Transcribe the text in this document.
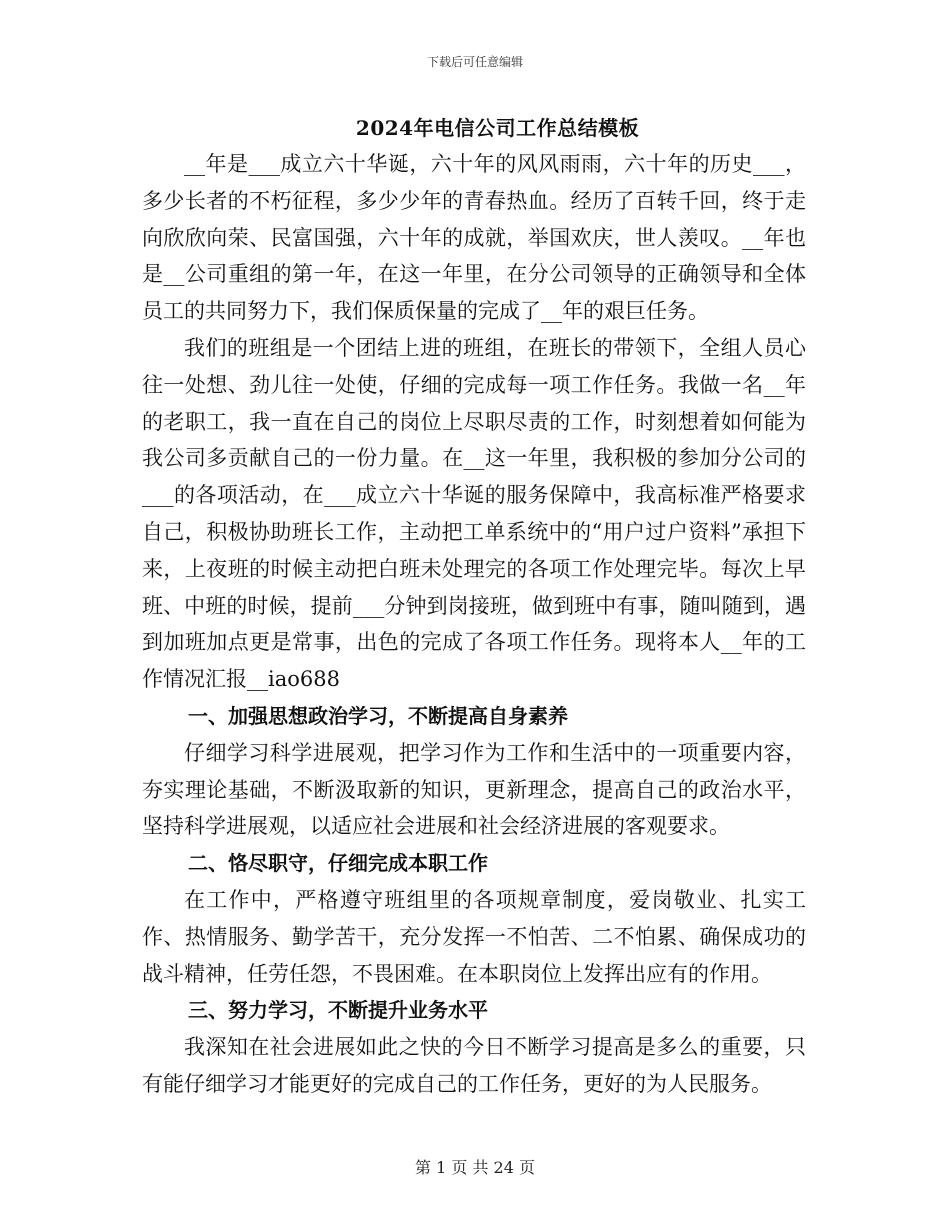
下载后可任意编辑
2024年电信公司工作总结模板

__年是___成立六十华诞，六十年的风风雨雨，六十年的历史___，多少长者的不朽征程，多少少年的青春热血。经历了百转千回，终于走向欣欣向荣、民富国强，六十年的成就，举国欢庆，世人羡叹。__年也是__公司重组的第一年，在这一年里，在分公司领导的正确领导和全体员工的共同努力下，我们保质保量的完成了__年的艰巨任务。

我们的班组是一个团结上进的班组，在班长的带领下，全组人员心往一处想、劲儿往一处使，仔细的完成每一项工作任务。我做一名__年的老职工，我一直在自己的岗位上尽职尽责的工作，时刻想着如何能为我公司多贡献自己的一份力量。在__这一年里，我积极的参加分公司的___的各项活动，在___成立六十华诞的服务保障中，我高标准严格要求自己，积极协助班长工作，主动把工单系统中的“用户过户资料”承担下来，上夜班的时候主动把白班未处理完的各项工作处理完毕。每次上早班、中班的时候，提前___分钟到岗接班，做到班中有事，随叫随到，遇到加班加点更是常事，出色的完成了各项工作任务。现将本人__年的工作情况汇报__iao688

一、加强思想政治学习，不断提高自身素养

仔细学习科学进展观，把学习作为工作和生活中的一项重要内容，夯实理论基础，不断汲取新的知识，更新理念，提高自己的政治水平，坚持科学进展观，以适应社会进展和社会经济进展的客观要求。

二、恪尽职守，仔细完成本职工作

在工作中，严格遵守班组里的各项规章制度，爱岗敬业、扎实工作、热情服务、勤学苦干，充分发挥一不怕苦、二不怕累、确保成功的战斗精神，任劳任怨，不畏困难。在本职岗位上发挥出应有的作用。

三、努力学习，不断提升业务水平

我深知在社会进展如此之快的今日不断学习提高是多么的重要，只有能仔细学习才能更好的完成自己的工作任务，更好的为人民服务。

第 1 页 共 24 页
